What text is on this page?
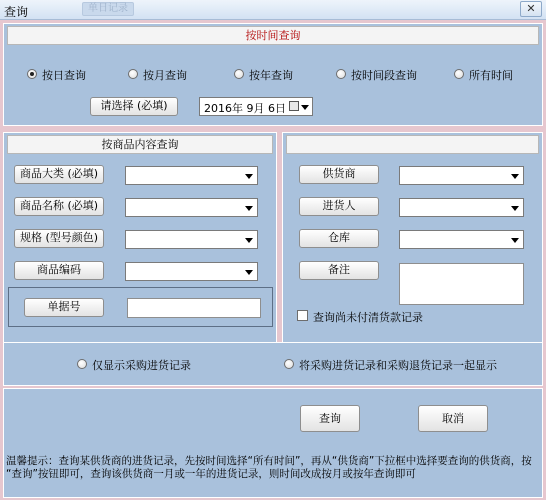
查询	单日记录	✕
按时间查询
按日查询	按月查询	按年查询	按时间段查询	所有时间
请选择 (必填)	2016年 9月 6日
按商品内容查询
商品大类 (必填)
商品名称 (必填)
规格 (型号颜色)
商品编码
单据号
供货商
进货人
仓库
备注
查询尚未付清货款记录
仅显示采购进货记录	将采购进货记录和采购退货记录一起显示
查询	取消
温馨提示：查询某供货商的进货记录，先按时间选择“所有时间”，再从“供货商”下拉框中选择要查询的供货商，按
“查询”按钮即可，查询该供货商一月或一年的进货记录，则时间改成按月或按年查询即可
